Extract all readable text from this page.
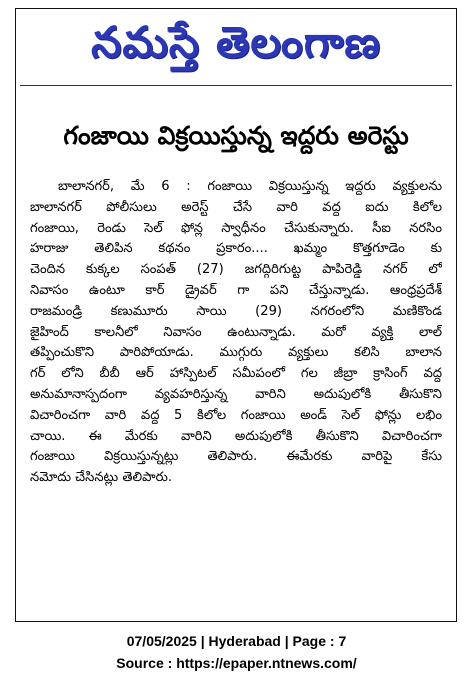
నమస్తే తెలంగాణ
గంజాయి విక్రయిస్తున్న ఇద్దరు అరెస్టు
బాలానగర్, మే 6 : గంజాయి విక్రయిస్తున్న ఇద్దరు వ్యక్తులను
బాలానగర్ పోలీసులు అరెస్ట్ చేసే వారి వద్ద ఐదు కిలోల
గంజాయి, రెండు సెల్ ఫోన్ల స్వాధీనం చేసుకున్నారు. సీఐ నరసిం
హరాజు తెలిపిన కథనం ప్రకారం.... ఖమ్మం కొత్తగూడెం కు
చెందిన కుక్కల సంపత్ (27) జగద్గిరిగుట్ట పాపిరెడ్డి నగర్ లో
నివాసం ఉంటూ కార్ డ్రైవర్ గా పని చేస్తున్నాడు. ఆంధ్రప్రదేశ్
రాజమండ్రి కణుమూరు సాయి (29) నగరంలోని మణికొండ
జైహింద్ కాలనీలో నివాసం ఉంటున్నాడు. మరో వ్యక్తి లాల్
తప్పించుకొని పారిపోయాడు. ముగ్గురు వ్యక్తులు కలిసి బాలాన
గర్ లోని బీబీ ఆర్ హాస్పిటల్ సమీపంలో గల జీబ్రా క్రాసింగ్ వద్ద
అనుమానాస్పదంగా వ్యవహరిస్తున్న వారిని అదుపులోకి తీసుకొని
విచారించగా వారి వద్ద 5 కిలోల గంజాయి అండ్ సెల్ ఫోన్లు లభిం
చాయి. ఈ మేరకు వారిని అదుపులోకి తీసుకొని విచారించగా
గంజాయి విక్రయిస్తున్నట్లు తెలిపారు. ఈమేరకు వారిపై కేసు
నమోదు చేసినట్లు తెలిపారు.
07/05/2025 | Hyderabad | Page : 7
Source : https://epaper.ntnews.com/
